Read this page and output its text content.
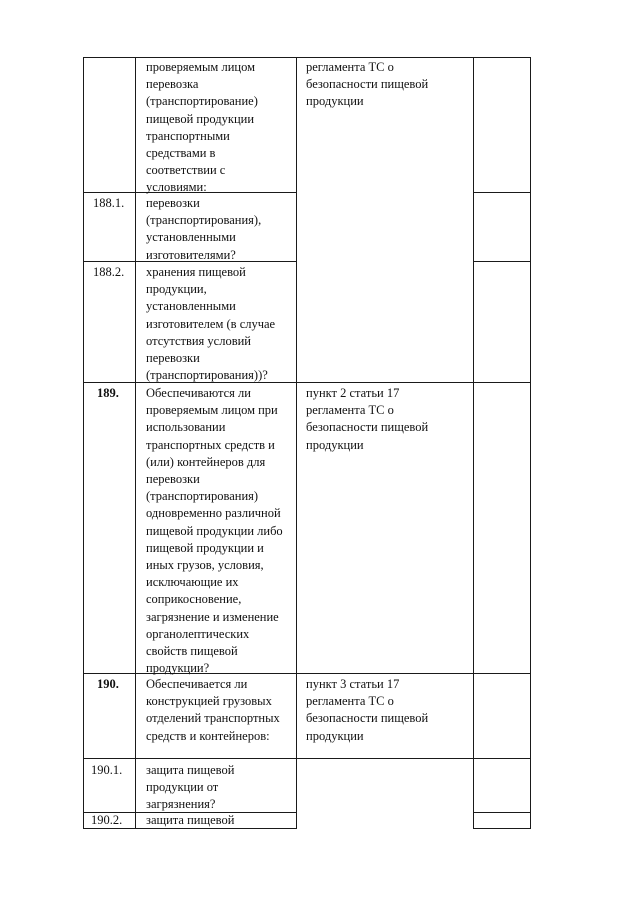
проверяемым лицом
перевозка
(транспортирование)
пищевой продукции
транспортными
средствами в
соответствии с
условиями:
регламента ТС о
безопасности пищевой
продукции
188.1. перевозки
(транспортирования),
установленными
изготовителями?
188.2. хранения пищевой
продукции,
установленными
изготовителем (в случае
отсутствия условий
перевозки
(транспортирования))?
189. Обеспечиваются ли
проверяемым лицом при
использовании
транспортных средств и
(или) контейнеров для
перевозки
(транспортирования)
одновременно различной
пищевой продукции либо
пищевой продукции и
иных грузов, условия,
исключающие их
соприкосновение,
загрязнение и изменение
органолептических
свойств пищевой
продукции?
пункт 2 статьи 17
регламента ТС о
безопасности пищевой
продукции
190. Обеспечивается ли
конструкцией грузовых
отделений транспортных
средств и контейнеров:
пункт 3 статьи 17
регламента ТС о
безопасности пищевой
продукции
190.1. защита пищевой
продукции от
загрязнения?
190.2. защита пищевой
